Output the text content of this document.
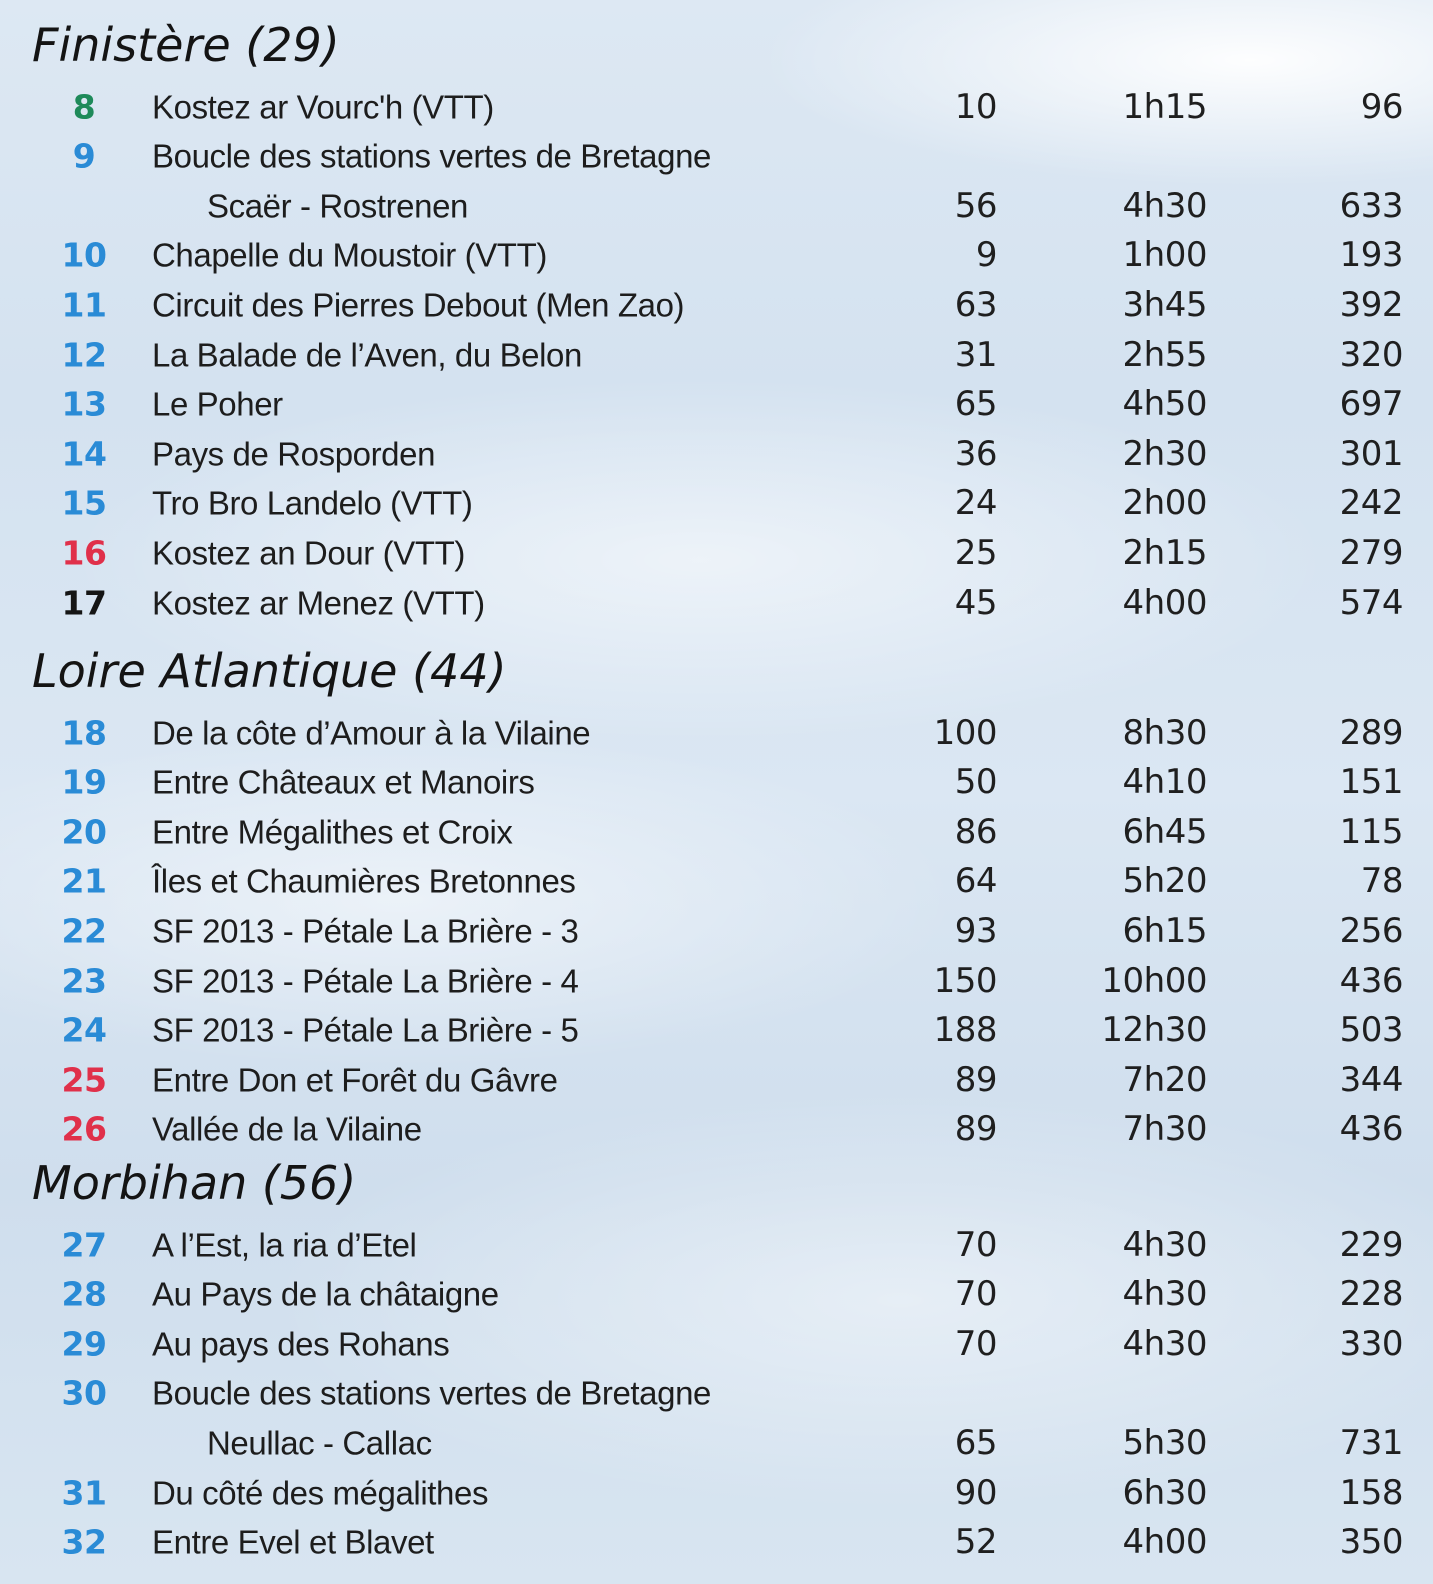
Finistère (29)
8	Kostez ar Vourc'h (VTT)	10	1h15	96
9	Boucle des stations vertes de Bretagne
Scaër - Rostrenen	56	4h30	633
10	Chapelle du Moustoir (VTT)	9	1h00	193
11	Circuit des Pierres Debout (Men Zao)	63	3h45	392
12	La Balade de l’Aven, du Belon	31	2h55	320
13	Le Poher	65	4h50	697
14	Pays de Rosporden	36	2h30	301
15	Tro Bro Landelo (VTT)	24	2h00	242
16	Kostez an Dour (VTT)	25	2h15	279
17	Kostez ar Menez (VTT)	45	4h00	574
Loire Atlantique (44)
18	De la côte d’Amour à la Vilaine	100	8h30	289
19	Entre Châteaux et Manoirs	50	4h10	151
20	Entre Mégalithes et Croix	86	6h45	115
21	Îles et Chaumières Bretonnes	64	5h20	78
22	SF 2013 - Pétale La Brière - 3	93	6h15	256
23	SF 2013 - Pétale La Brière - 4	150	10h00	436
24	SF 2013 - Pétale La Brière - 5	188	12h30	503
25	Entre Don et Forêt du Gâvre	89	7h20	344
26	Vallée de la Vilaine	89	7h30	436
Morbihan (56)
27	A l’Est, la ria d’Etel	70	4h30	229
28	Au Pays de la châtaigne	70	4h30	228
29	Au pays des Rohans	70	4h30	330
30	Boucle des stations vertes de Bretagne
Neullac - Callac	65	5h30	731
31	Du côté des mégalithes	90	6h30	158
32	Entre Evel et Blavet	52	4h00	350
